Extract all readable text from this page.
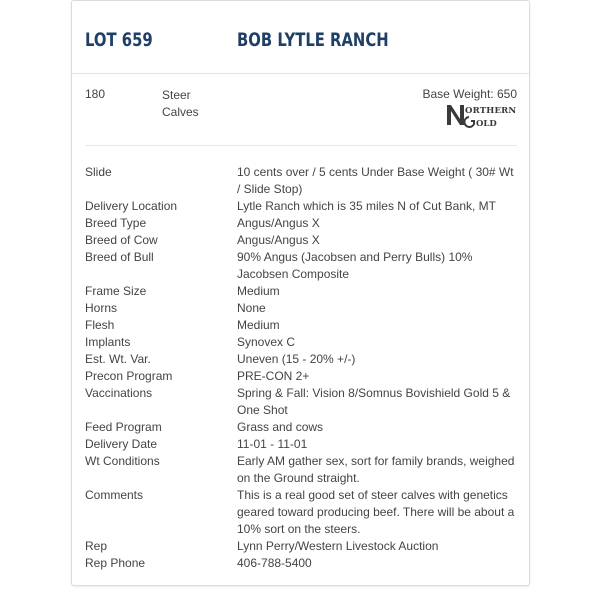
LOT 659	BOB LYTLE RANCH
180	Steer
Calves
Base Weight: 650
ORTHERN
OLD
Slide	10 cents over / 5 cents Under Base Weight ( 30# Wt / Slide Stop)
Delivery Location	Lytle Ranch which is 35 miles N of Cut Bank, MT
Breed Type	Angus/Angus X
Breed of Cow	Angus/Angus X
Breed of Bull	90% Angus (Jacobsen and Perry Bulls) 10% Jacobsen Composite
Frame Size	Medium
Horns	None
Flesh	Medium
Implants	Synovex C
Est. Wt. Var.	Uneven (15 - 20% +/-)
Precon Program	PRE-CON 2+
Vaccinations	Spring & Fall: Vision 8/Somnus Bovishield Gold 5 & One Shot
Feed Program	Grass and cows
Delivery Date	11-01 - 11-01
Wt Conditions	Early AM gather sex, sort for family brands, weighed on the Ground straight.
Comments	This is a real good set of steer calves with genetics geared toward producing beef. There will be about a 10% sort on the steers.
Rep	Lynn Perry/Western Livestock Auction
Rep Phone	406-788-5400
